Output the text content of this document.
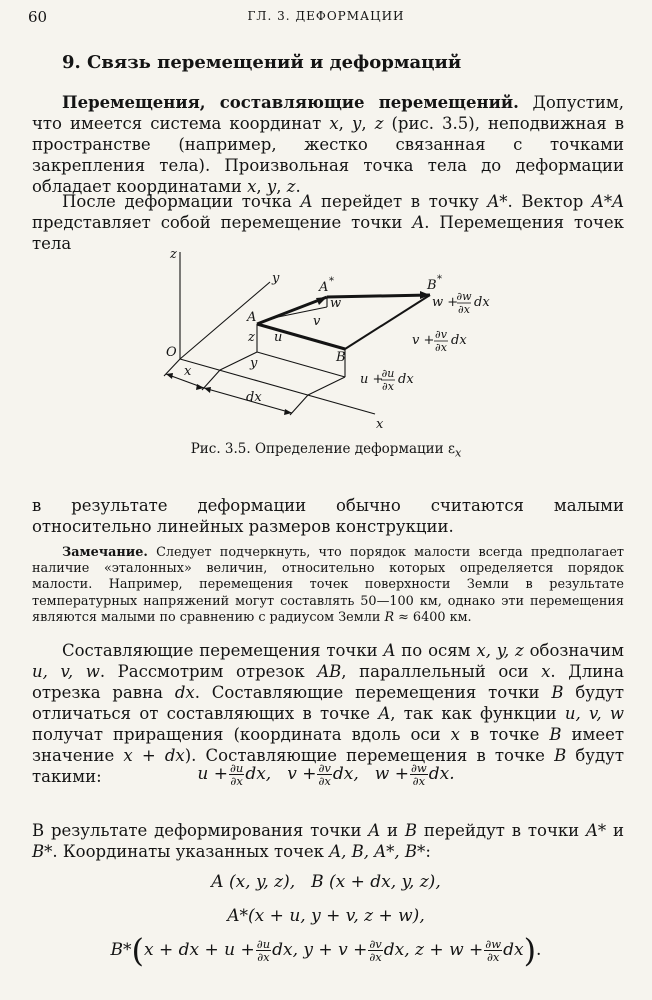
60	ГЛ. 3. ДЕФОРМАЦИИ
9. Связь перемещений и деформаций
Перемещения, составляющие перемещений. Допустим, что имеется система координат x, y, z (рис. 3.5), неподвижная в пространстве (например, жестко связанная с точками закрепления тела). Произвольная точка тела до деформации обладает координатами x, y, z.
После деформации точка A перейдет в точку A*. Вектор A*A представляет собой перемещение точки A. Перемещения точек тела
z
y
O
A
A *	B *
w
v
u
z
y	B
x
x
dx
w +
v +
u +
∂w
∂x
∂v
∂x
∂u
∂x
dx
dx
dx
Рис. 3.5. Определение деформации $\varepsilon_x$
в результате деформации обычно считаются малыми относительно линейных размеров конструкции.
Замечание. Следует подчеркнуть, что порядок малости всегда предполагает наличие «эталонных» величин, относительно которых определяется порядок малости. Например, перемещения точек поверхности Земли в результате температурных напряжений могут составлять 50—100 км, однако эти перемещения являются малыми по сравнению с радиусом Земли R ≈ 6400 км.
Составляющие перемещения точки A по осям x, y, z обозначим u, v, w. Рассмотрим отрезок AB, параллельный оси x. Длина отрезка равна dx. Составляющие перемещения точки B будут отличаться от составляющих в точке A, так как функции u, v, w получат приращения (координата вдоль оси x в точке B имеет значение x + dx). Составляющие перемещения в точке B будут такими:	$u + \frac{\partial u}{\partial x}$ dx, $v + \frac{\partial v}{\partial x}$ dx, $w + \frac{\partial w}{\partial x}$ dx.
В результате деформирования точки A и B перейдут в точки A* и B*. Координаты указанных точек A, B, A*, B*:
A (x, y, z), B (x + dx, y, z),
A*(x + u, y + v, z + w),
B*(x + dx + $u + \frac{\partial u}{\partial x}$ dx, $y + v + \frac{\partial v}{\partial x}$ dx, $z + w + \frac{\partial w}{\partial x} dx$).
